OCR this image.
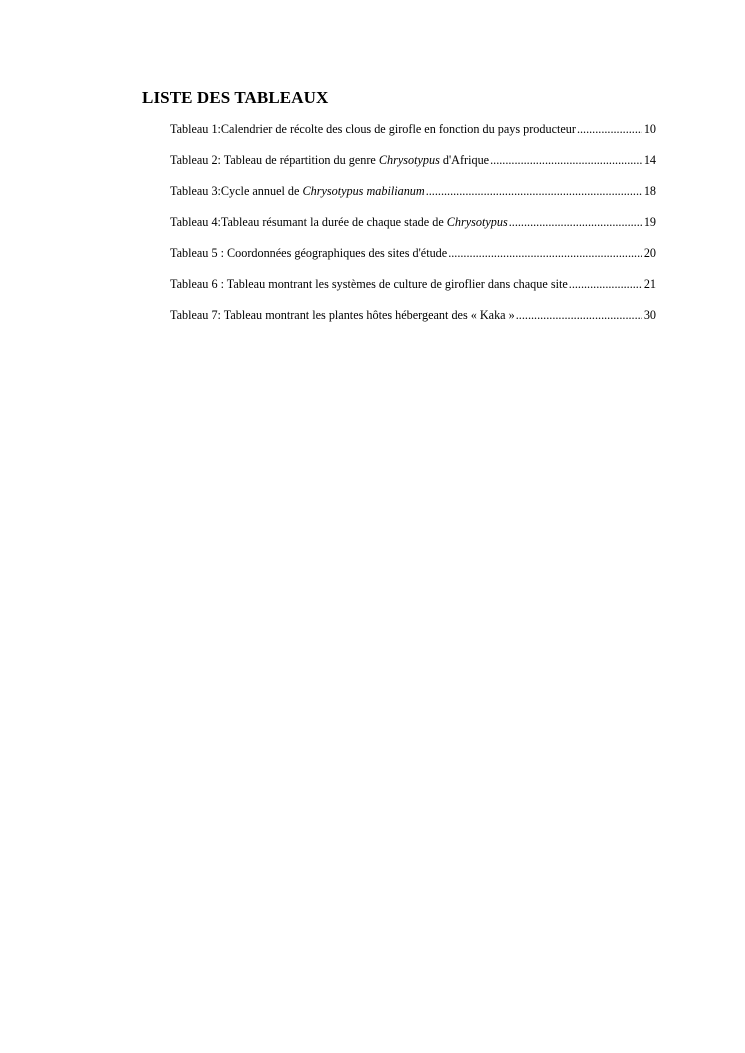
LISTE DES TABLEAUX
Tableau 1:Calendrier de récolte des clous de girofle en fonction du pays producteur .....	10
Tableau 2: Tableau de répartition du genre Chrysotypus d'Afrique .....	14
Tableau 3:Cycle annuel de Chrysotypus mabilianum .....	18
Tableau 4:Tableau résumant la durée de chaque stade de Chrysotypus .....	19
Tableau 5 : Coordonnées géographiques des sites d'étude .....	20
Tableau 6 : Tableau montrant les systèmes de culture de giroflier dans chaque site .....	21
Tableau 7: Tableau montrant les plantes hôtes hébergeant des « Kaka » .....	30
